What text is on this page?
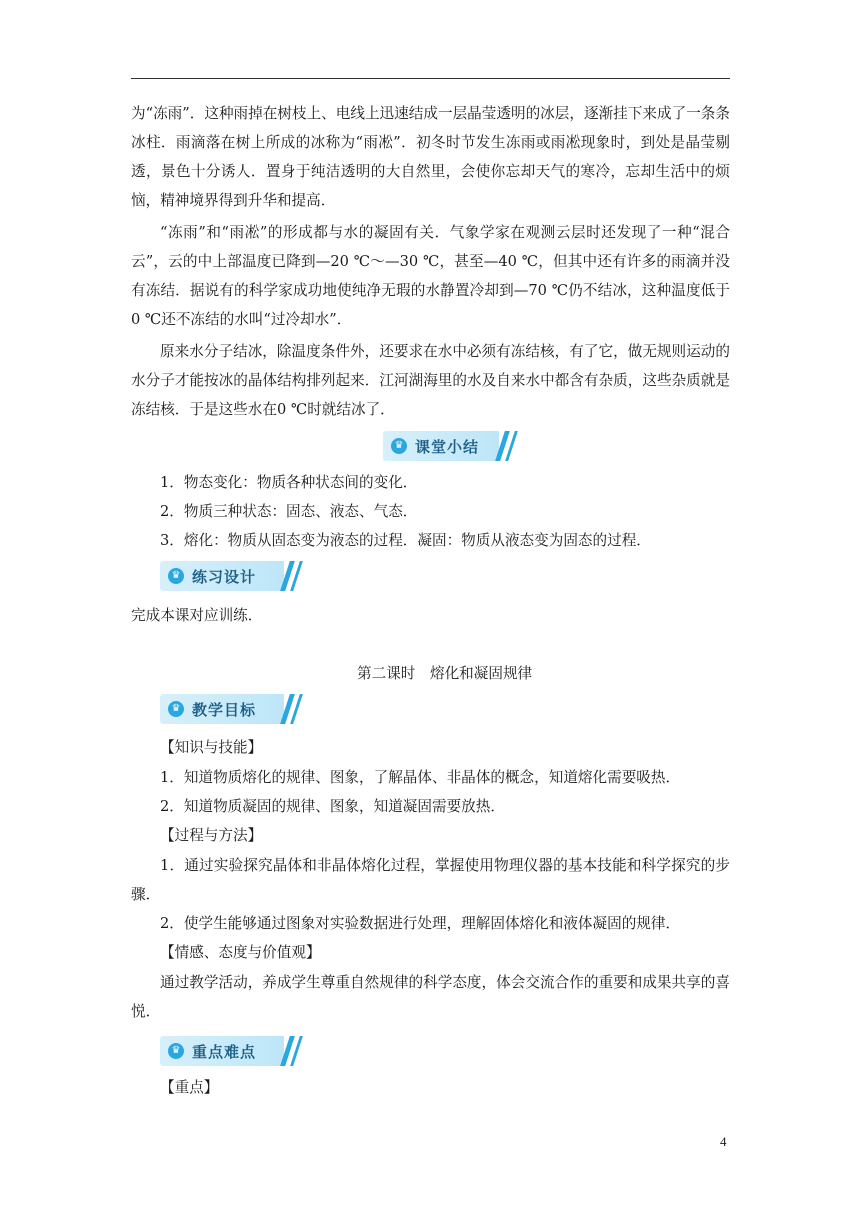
为“冻雨”．这种雨掉在树枝上、电线上迅速结成一层晶莹透明的冰层，逐渐挂下来成了一条条冰柱．雨滴落在树上所成的冰称为“雨凇”．初冬时节发生冻雨或雨凇现象时，到处是晶莹剔透，景色十分诱人．置身于纯洁透明的大自然里，会使你忘却天气的寒冷，忘却生活中的烦恼，精神境界得到升华和提高．

“冻雨”和“雨凇”的形成都与水的凝固有关．气象学家在观测云层时还发现了一种“混合云”，云的中上部温度已降到—20 ℃～—30 ℃，甚至—40 ℃，但其中还有许多的雨滴并没有冻结．据说有的科学家成功地使纯净无瑕的水静置冷却到—70 ℃仍不结冰，这种温度低于0 ℃还不冻结的水叫“过冷却水”．

原来水分子结冰，除温度条件外，还要求在水中必须有冻结核，有了它，做无规则运动的水分子才能按冰的晶体结构排列起来．江河湖海里的水及自来水中都含有杂质，这些杂质就是冻结核．于是这些水在0 ℃时就结冰了．

♛ 课堂小结

1．物态变化：物质各种状态间的变化．

2．物质三种状态：固态、液态、气态．

3．熔化：物质从固态变为液态的过程．凝固：物质从液态变为固态的过程．

♛ 练习设计

完成本课对应训练．

第二课时　熔化和凝固规律

♛ 教学目标

【知识与技能】

1．知道物质熔化的规律、图象，了解晶体、非晶体的概念，知道熔化需要吸热．

2．知道物质凝固的规律、图象，知道凝固需要放热．

【过程与方法】

1．通过实验探究晶体和非晶体熔化过程，掌握使用物理仪器的基本技能和科学探究的步骤．

2．使学生能够通过图象对实验数据进行处理，理解固体熔化和液体凝固的规律．

【情感、态度与价值观】

通过教学活动，养成学生尊重自然规律的科学态度，体会交流合作的重要和成果共享的喜悦．

♛ 重点难点

【重点】

4
